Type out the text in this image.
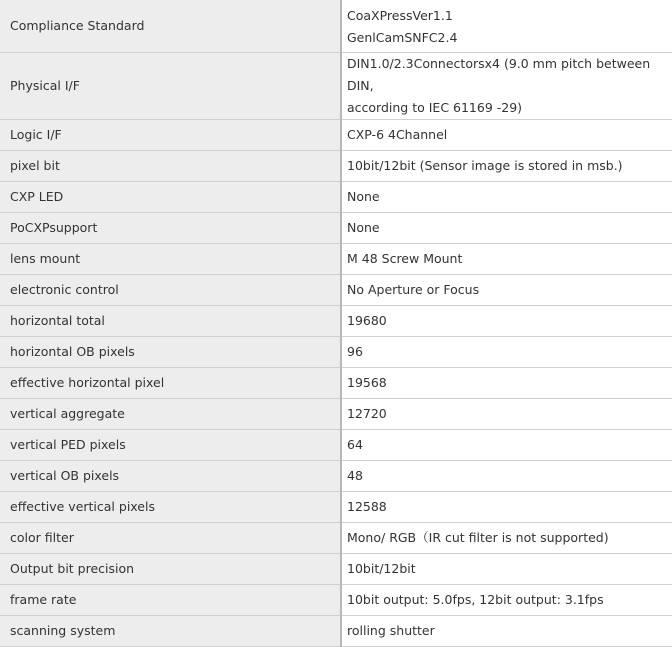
Compliance Standard	CoaXPressVer1.1
GenlCamSNFC2.4
Physical I/F	DIN1.0/2.3Connectorsx4 (9.0 mm pitch between DIN,
according to IEC 61169 -29)
Logic I/F	CXP-6 4Channel
pixel bit	10bit/12bit (Sensor image is stored in msb.)
CXP LED	None
PoCXPsupport	None
lens mount	M 48 Screw Mount
electronic control	No Aperture or Focus
horizontal total	19680
horizontal OB pixels	96
effective horizontal pixel	19568
vertical aggregate	12720
vertical PED pixels	64
vertical OB pixels	48
effective vertical pixels	12588
color filter	Mono/ RGB（IR cut filter is not supported)
Output bit precision	10bit/12bit
frame rate	10bit output: 5.0fps, 12bit output: 3.1fps
scanning system	rolling shutter
